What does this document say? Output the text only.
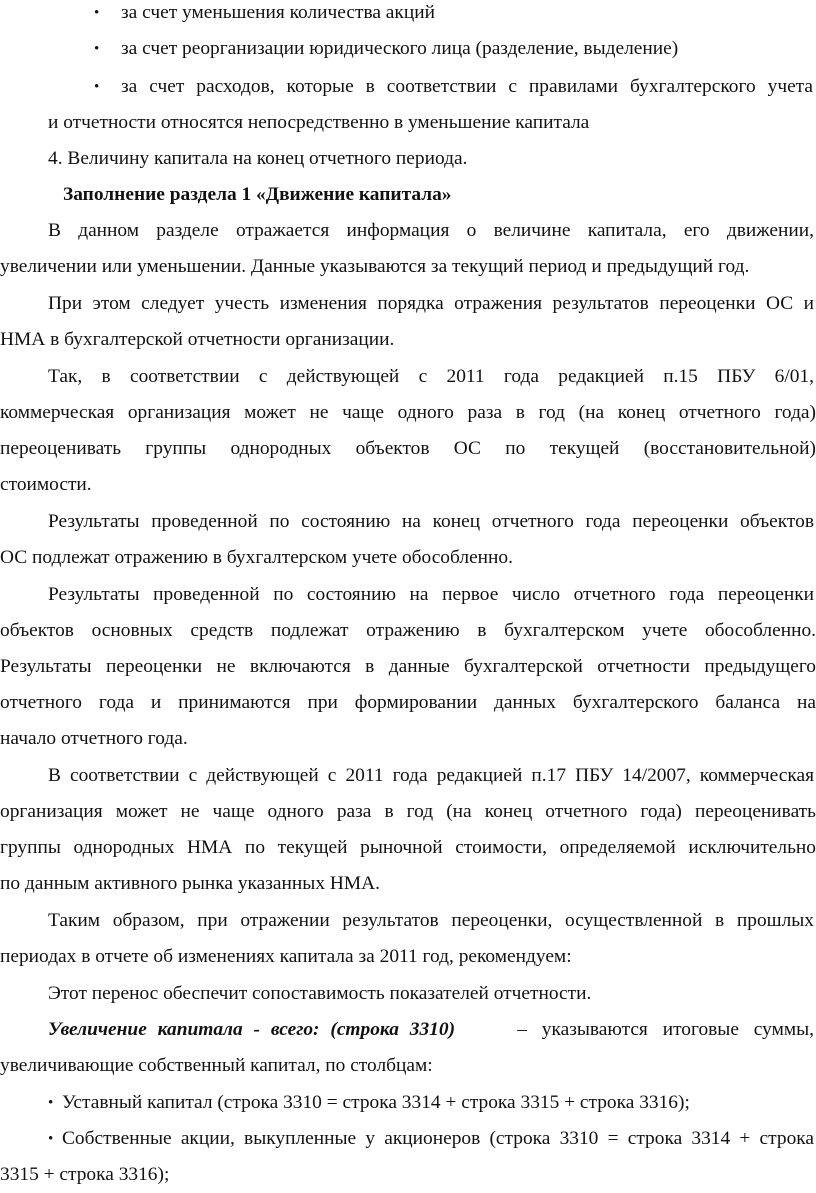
• за счет уменьшения количества акций
• за счет реорганизации юридического лица (разделение, выделение)
• за счет расходов, которые в соответствии с правилами бухгалтерского учета
и отчетности относятся непосредственно в уменьшение капитала
4. Величину капитала на конец отчетного периода.
Заполнение раздела 1 «Движение капитала»
В данном разделе отражается информация о величине капитала, его движении,
увеличении или уменьшении. Данные указываются за текущий период и предыдущий год.
При этом следует учесть изменения порядка отражения результатов переоценки ОС и
НМА в бухгалтерской отчетности организации.
Так, в соответствии с действующей с 2011 года редакцией п.15 ПБУ 6/01,
коммерческая организация может не чаще одного раза в год (на конец отчетного года)
переоценивать группы однородных объектов ОС по текущей (восстановительной)
стоимости.
Результаты проведенной по состоянию на конец отчетного года переоценки объектов
ОС подлежат отражению в бухгалтерском учете обособленно.
Результаты проведенной по состоянию на первое число отчетного года переоценки
объектов основных средств подлежат отражению в бухгалтерском учете обособленно.
Результаты переоценки не включаются в данные бухгалтерской отчетности предыдущего
отчетного года и принимаются при формировании данных бухгалтерского баланса на
начало отчетного года.
В соответствии с действующей с 2011 года редакцией п.17 ПБУ 14/2007, коммерческая
организация может не чаще одного раза в год (на конец отчетного года) переоценивать
группы однородных НМА по текущей рыночной стоимости, определяемой исключительно
по данным активного рынка указанных НМА.
Таким образом, при отражении результатов переоценки, осуществленной в прошлых
периодах в отчете об изменениях капитала за 2011 год, рекомендуем:
Этот перенос обеспечит сопоставимость показателей отчетности.
Увеличение капитала - всего: (строка 3310)	– указываются итоговые суммы,
увеличивающие собственный капитал, по столбцам:
• Уставный капитал (строка 3310 = строка 3314 + строка 3315 + строка 3316);
• Собственные акции, выкупленные у акционеров (строка 3310 = строка 3314 + строка
3315 + строка 3316);
